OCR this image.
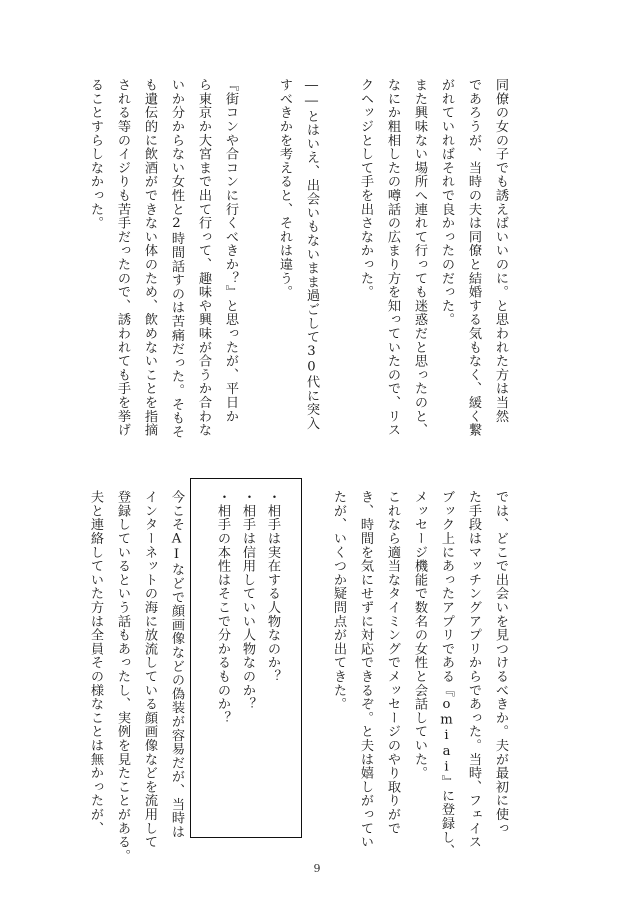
同僚の女の子でも誘えばいいのに。と思われた方は当然
であろうが、当時の夫は同僚と結婚する気もなく、緩く繋
がれていればそれで良かったのだった。
また興味ない場所へ連れて行っても迷惑だと思ったのと、
なにか粗相したの噂話の広まり方を知っていたので、リス
クヘッジとして手を出さなかった。
――とはいえ、出会いもないまま過ごして30代に突入
すべきかを考えると、それは違う。
『街コンや合コンに行くべきか？』と思ったが、平日か
ら東京か大宮まで出て行って、趣味や興味が合うか合わな
いか分からない女性と2時間話すのは苦痛だった。そもそ
も遺伝的に飲酒ができない体のため、飲めないことを指摘
される等のイジりも苦手だったので、誘われても手を挙げ
ることすらしなかった。
では、どこで出会いを見つけるべきか。夫が最初に使っ
た手段はマッチングアプリからであった。当時、フェイス
ブック上にあったアプリである『omiai』に登録し、
メッセージ機能で数名の女性と会話していた。
これなら適当なタイミングでメッセージのやり取りがで
き、時間を気にせずに対応できるぞ。と夫は嬉しがってい
たが、いくつか疑問点が出てきた。
・相手は実在する人物なのか？
・相手は信用していい人物なのか？
・相手の本性はそこで分かるものか？
今こそAIなどで顔画像などの偽装が容易だが、当時は
インターネットの海に放流している顔画像などを流用して
登録しているという話もあったし、実例を見たことがある。
夫と連絡していた方は全員その様なことは無かったが、
9
